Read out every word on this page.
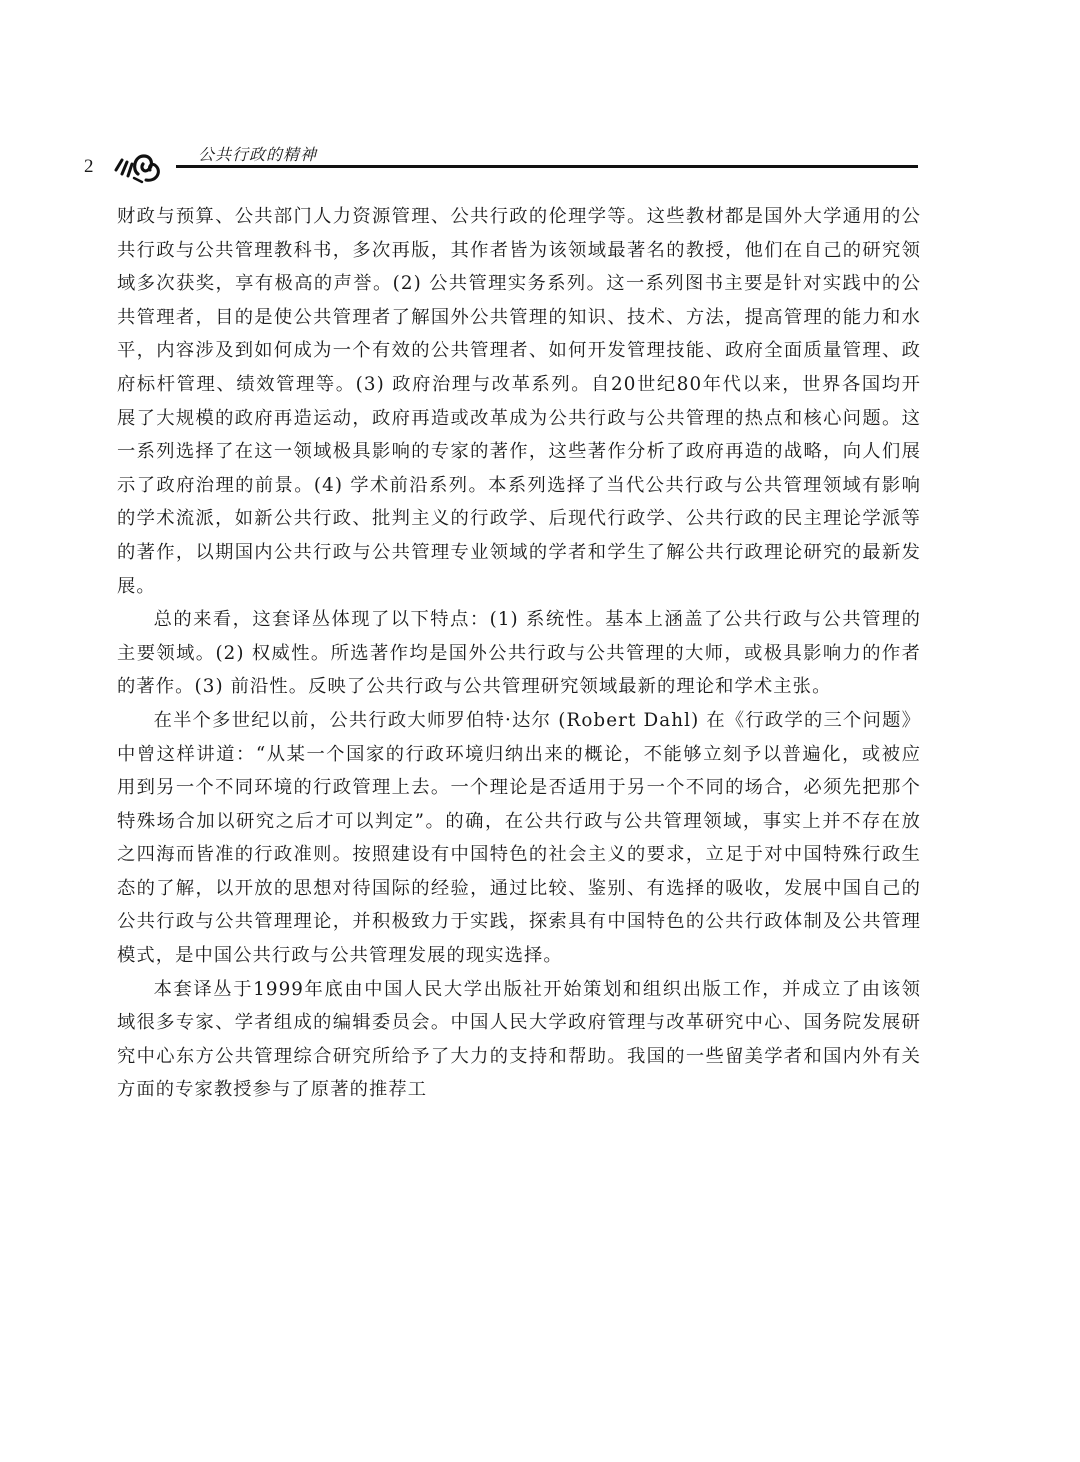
2
公共行政的精神

财政与预算、公共部门人力资源管理、公共行政的伦理学等。这些教材都是国外大学通用的公共行政与公共管理教科书，多次再版，其作者皆为该领域最著名的教授，他们在自己的研究领域多次获奖，享有极高的声誉。(2) 公共管理实务系列。这一系列图书主要是针对实践中的公共管理者，目的是使公共管理者了解国外公共管理的知识、技术、方法，提高管理的能力和水平，内容涉及到如何成为一个有效的公共管理者、如何开发管理技能、政府全面质量管理、政府标杆管理、绩效管理等。(3) 政府治理与改革系列。自20世纪80年代以来，世界各国均开展了大规模的政府再造运动，政府再造或改革成为公共行政与公共管理的热点和核心问题。这一系列选择了在这一领域极具影响的专家的著作，这些著作分析了政府再造的战略，向人们展示了政府治理的前景。(4) 学术前沿系列。本系列选择了当代公共行政与公共管理领域有影响的学术流派，如新公共行政、批判主义的行政学、后现代行政学、公共行政的民主理论学派等的著作，以期国内公共行政与公共管理专业领域的学者和学生了解公共行政理论研究的最新发展。

总的来看，这套译丛体现了以下特点：(1) 系统性。基本上涵盖了公共行政与公共管理的主要领域。(2) 权威性。所选著作均是国外公共行政与公共管理的大师，或极具影响力的作者的著作。(3) 前沿性。反映了公共行政与公共管理研究领域最新的理论和学术主张。

在半个多世纪以前，公共行政大师罗伯特·达尔 (Robert Dahl) 在《行政学的三个问题》中曾这样讲道：“从某一个国家的行政环境归纳出来的概论，不能够立刻予以普遍化，或被应用到另一个不同环境的行政管理上去。一个理论是否适用于另一个不同的场合，必须先把那个特殊场合加以研究之后才可以判定”。的确，在公共行政与公共管理领域，事实上并不存在放之四海而皆准的行政准则。按照建设有中国特色的社会主义的要求，立足于对中国特殊行政生态的了解，以开放的思想对待国际的经验，通过比较、鉴别、有选择的吸收，发展中国自己的公共行政与公共管理理论，并积极致力于实践，探索具有中国特色的公共行政体制及公共管理模式，是中国公共行政与公共管理发展的现实选择。

本套译丛于1999年底由中国人民大学出版社开始策划和组织出版工作，并成立了由该领域很多专家、学者组成的编辑委员会。中国人民大学政府管理与改革研究中心、国务院发展研究中心东方公共管理综合研究所给予了大力的支持和帮助。我国的一些留美学者和国内外有关方面的专家教授参与了原著的推荐工
